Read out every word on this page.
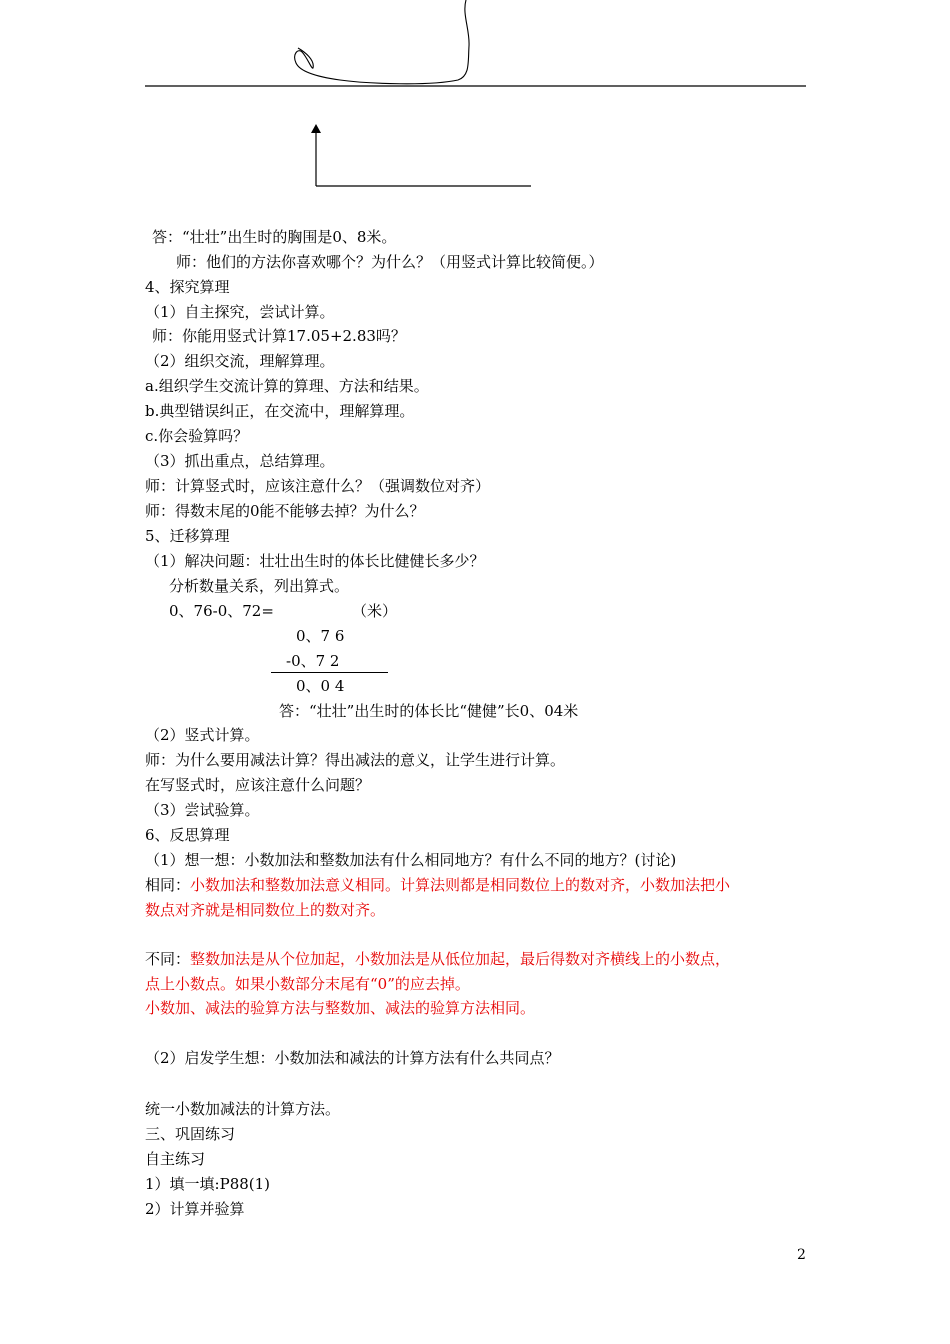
答：“壮壮”出生时的胸围是0、8米。
师：他们的方法你喜欢哪个？为什么？（用竖式计算比较简便。）
4、探究算理
（1）自主探究，尝试计算。
师：你能用竖式计算17.05+2.83吗？
（2）组织交流，理解算理。
a.组织学生交流计算的算理、方法和结果。
b.典型错误纠正，在交流中，理解算理。
c.你会验算吗？
（3）抓出重点，总结算理。
师：计算竖式时，应该注意什么？（强调数位对齐）
师：得数末尾的0能不能够去掉？为什么？
5、迁移算理
（1）解决问题：壮壮出生时的体长比健健长多少？
分析数量关系，列出算式。
0、76-0、72=	（米）
0、7 6
-0、7 2
0、0 4
答：“壮壮”出生时的体长比“健健”长0、04米
（2）竖式计算。
师：为什么要用减法计算？得出减法的意义，让学生进行计算。
在写竖式时，应该注意什么问题？
（3）尝试验算。
6、反思算理
（1）想一想：小数加法和整数加法有什么相同地方？有什么不同的地方？(讨论)
相同：小数加法和整数加法意义相同。计算法则都是相同数位上的数对齐，小数加法把小
数点对齐就是相同数位上的数对齐。
不同：整数加法是从个位加起，小数加法是从低位加起，最后得数对齐横线上的小数点，
点上小数点。如果小数部分末尾有“0”的应去掉。
小数加、减法的验算方法与整数加、减法的验算方法相同。
（2）启发学生想：小数加法和减法的计算方法有什么共同点？
统一小数加减法的计算方法。
三、巩固练习
自主练习
1）填一填:P88(1)
2）计算并验算
2
